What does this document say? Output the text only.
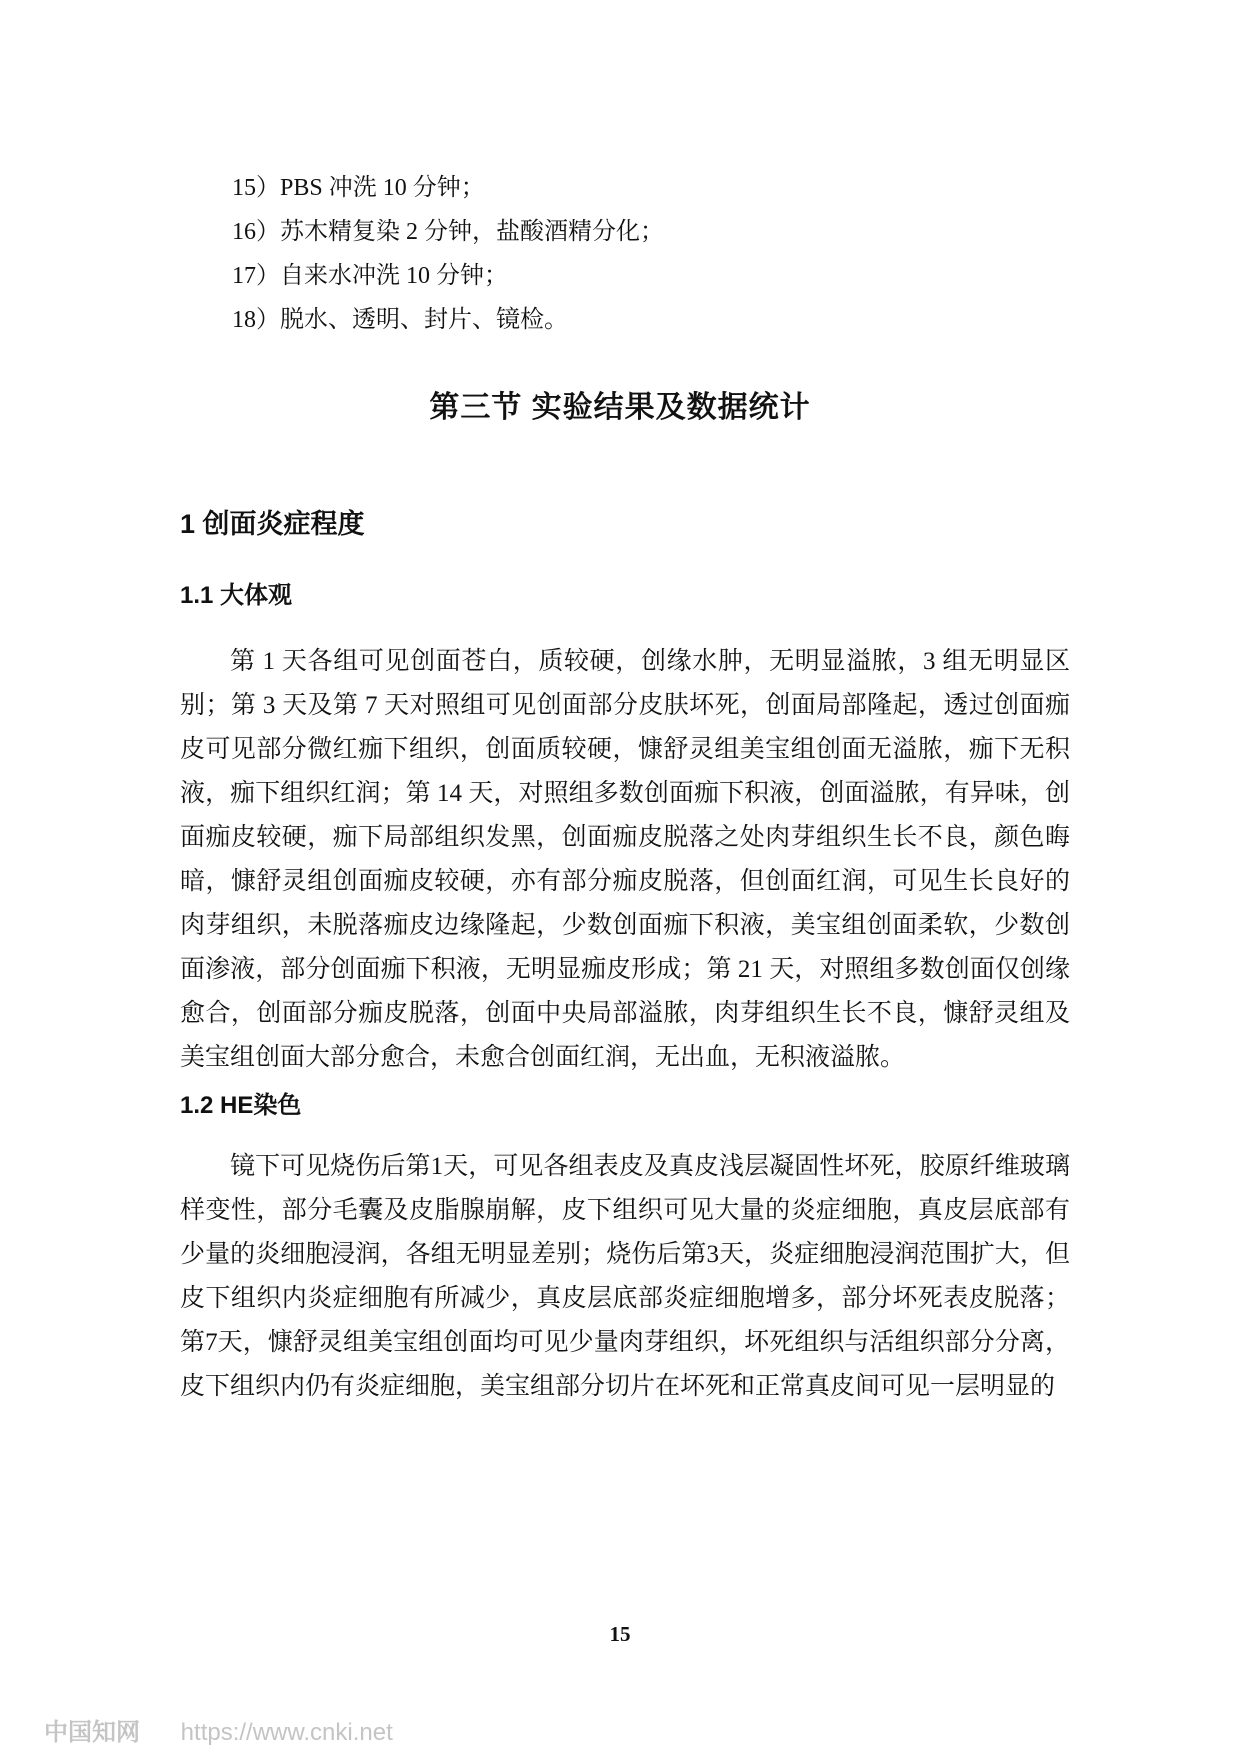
15）PBS 冲洗 10 分钟；

16）苏木精复染 2 分钟，盐酸酒精分化；

17）自来水冲洗 10 分钟；

18）脱水、透明、封片、镜检。

第三节 实验结果及数据统计
1 创面炎症程度
1.1 大体观

第 1 天各组可见创面苍白，质较硬，创缘水肿，无明显溢脓，3 组无明显区别；第 3 天及第 7 天对照组可见创面部分皮肤坏死，创面局部隆起，透过创面痂皮可见部分微红痂下组织，创面质较硬，慷舒灵组美宝组创面无溢脓，痂下无积液，痂下组织红润；第 14 天，对照组多数创面痂下积液，创面溢脓，有异味，创面痂皮较硬，痂下局部组织发黑，创面痂皮脱落之处肉芽组织生长不良，颜色晦暗，慷舒灵组创面痂皮较硬，亦有部分痂皮脱落，但创面红润，可见生长良好的肉芽组织，未脱落痂皮边缘隆起，少数创面痂下积液，美宝组创面柔软，少数创面渗液，部分创面痂下积液，无明显痂皮形成；第 21 天，对照组多数创面仅创缘愈合，创面部分痂皮脱落，创面中央局部溢脓，肉芽组织生长不良，慷舒灵组及美宝组创面大部分愈合，未愈合创面红润，无出血，无积液溢脓。

1.2 HE染色

镜下可见烧伤后第1天，可见各组表皮及真皮浅层凝固性坏死，胶原纤维玻璃样变性，部分毛囊及皮脂腺崩解，皮下组织可见大量的炎症细胞，真皮层底部有少量的炎细胞浸润，各组无明显差别；烧伤后第3天，炎症细胞浸润范围扩大，但皮下组织内炎症细胞有所减少，真皮层底部炎症细胞增多，部分坏死表皮脱落；第7天，慷舒灵组美宝组创面均可见少量肉芽组织，坏死组织与活组织部分分离，皮下组织内仍有炎症细胞，美宝组部分切片在坏死和正常真皮间可见一层明显的

15
中国知网 https://www.cnki.net
